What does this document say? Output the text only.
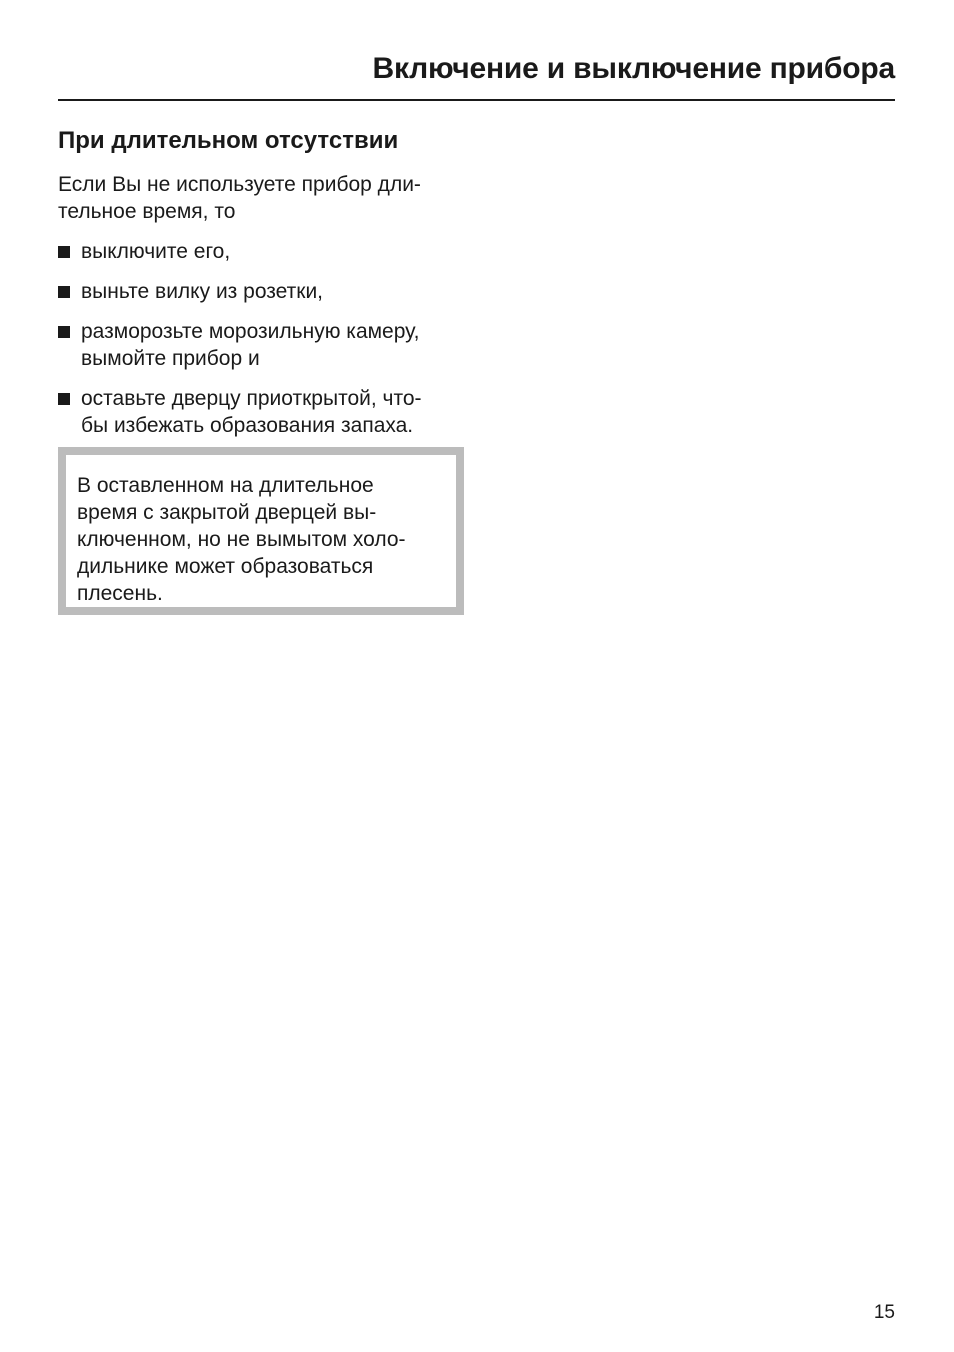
Включение и выключение прибора
При длительном отсутствии

Если Вы не используете прибор дли-
тельное время, то

выключите его,
выньте вилку из розетки,
разморозьте морозильную камеру,
вымойте прибор и
оставьте дверцу приоткрытой, что-
бы избежать образования запаха.

В оставленном на длительное
время с закрытой дверцей вы-
ключенном, но не вымытом холо-
дильнике может образоваться
плесень.

15
